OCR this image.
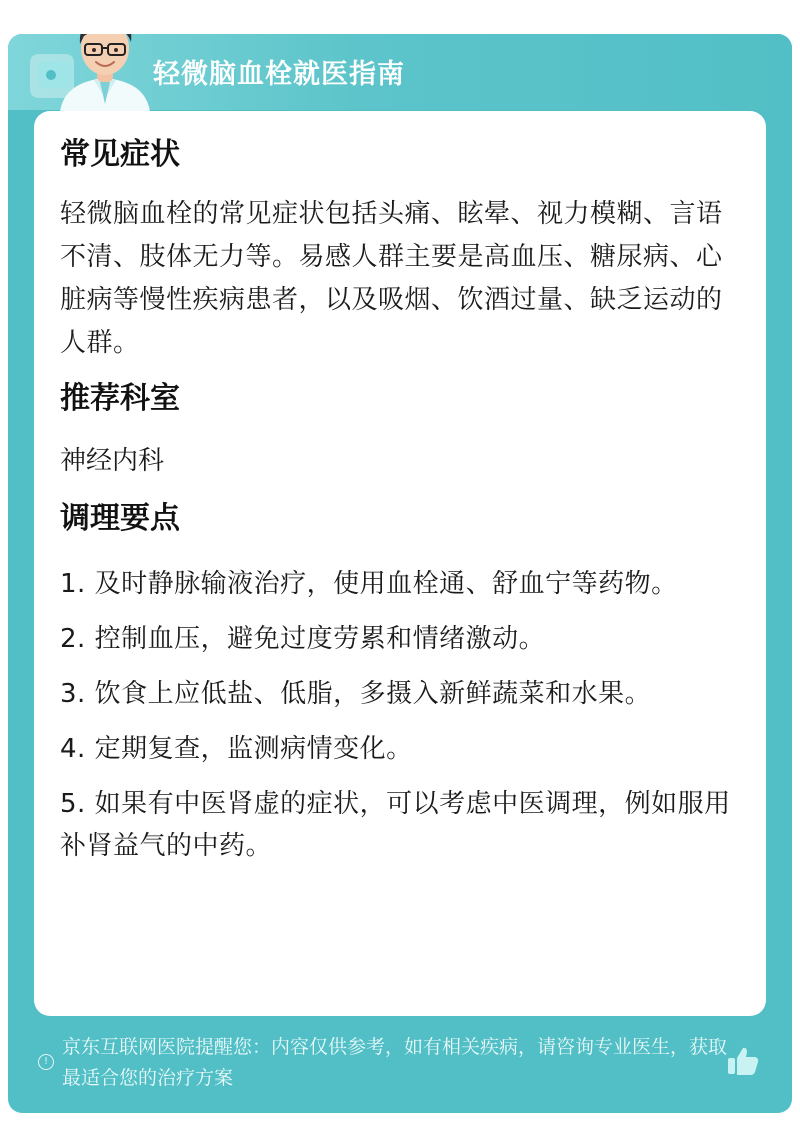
轻微脑血栓就医指南
常见症状

轻微脑血栓的常见症状包括头痛、眩晕、视力模糊、言语不清、肢体无力等。易感人群主要是高血压、糖尿病、心脏病等慢性疾病患者，以及吸烟、饮酒过量、缺乏运动的人群。

推荐科室

神经内科

调理要点
1. 及时静脉输液治疗，使用血栓通、舒血宁等药物。
2. 控制血压，避免过度劳累和情绪激动。
3. 饮食上应低盐、低脂，多摄入新鲜蔬菜和水果。
4. 定期复查，监测病情变化。
5. 如果有中医肾虚的症状，可以考虑中医调理，例如服用补肾益气的中药。
!
京东互联网医院提醒您：内容仅供参考，如有相关疾病，请咨询专业医生，获取最适合您的治疗方案
